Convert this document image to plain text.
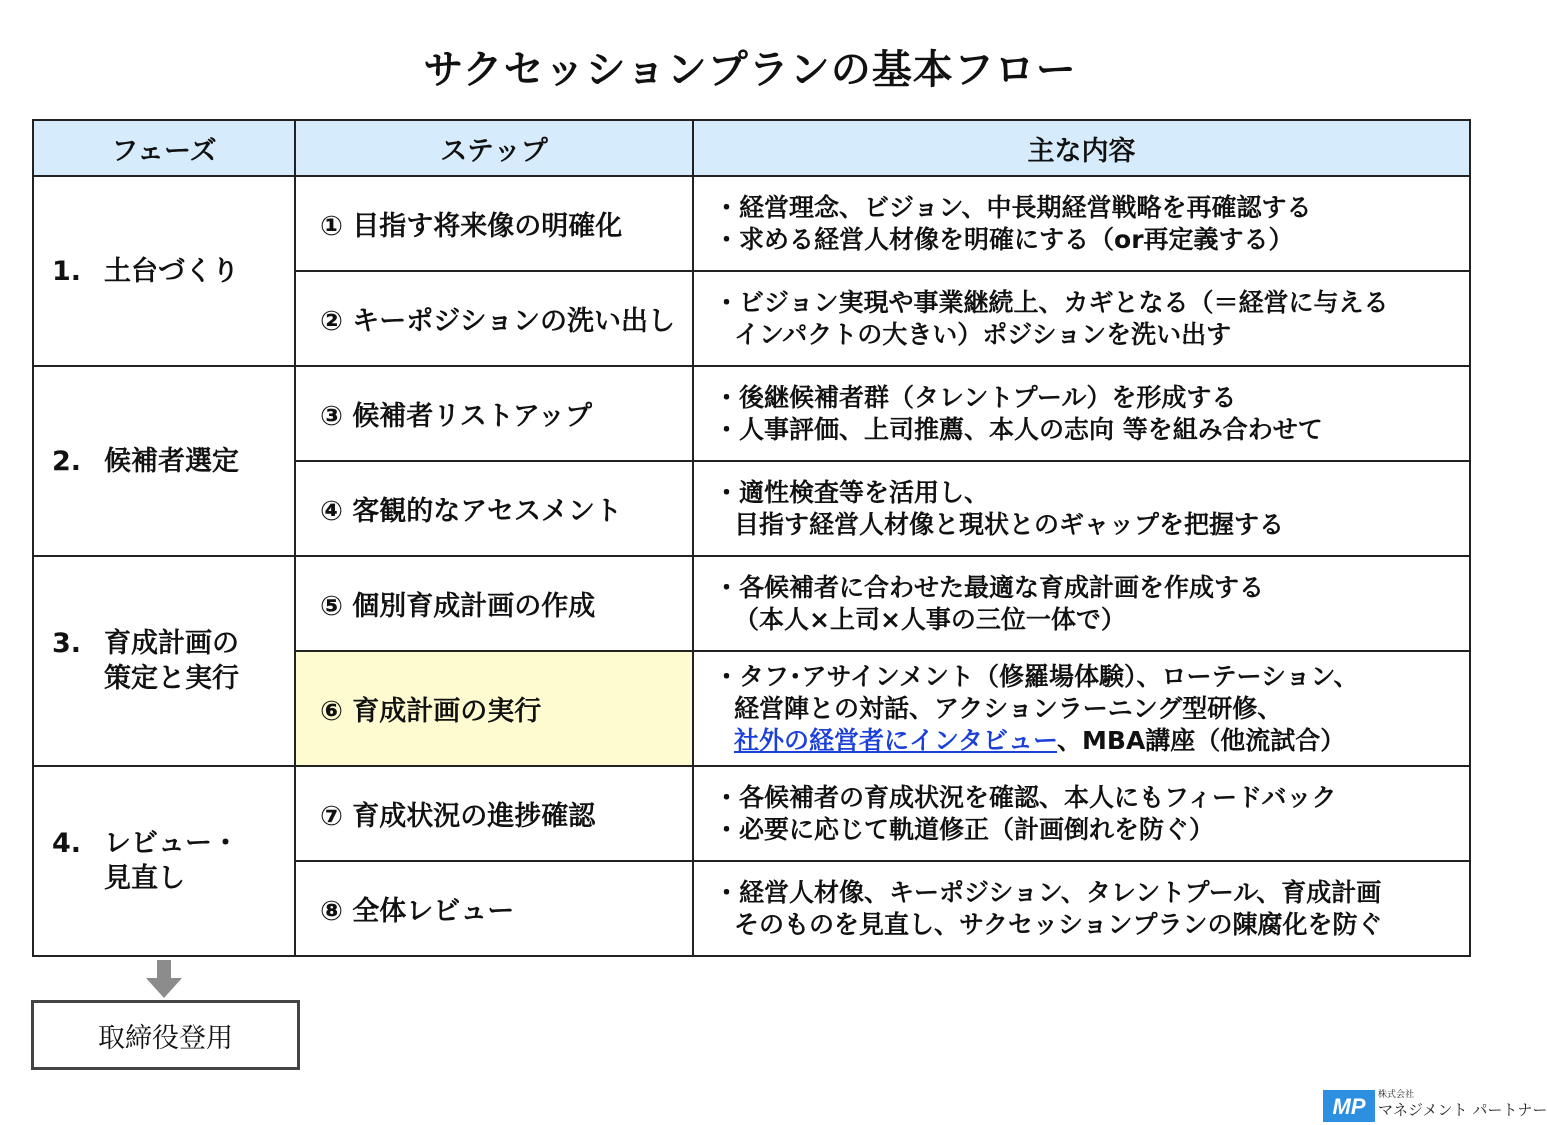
サクセッションプランの基本フロー
フェーズ	ステップ	主な内容
1. 土台づくり	① 目指す将来像の明確化	・経営理念、ビジョン、中長期経営戦略を再確認する
・求める経営人材像を明確にする（or再定義する）

	② キーポジションの洗い出し	・ビジョン実現や事業継続上、カギとなる（＝経営に与える
インパクトの大きい）ポジションを洗い出す

2. 候補者選定	③ 候補者リストアップ	・後継候補者群（タレントプール）を形成する
・人事評価、上司推薦、本人の志向 等を組み合わせて

	④ 客観的なアセスメント	・適性検査等を活用し、
目指す経営人材像と現状とのギャップを把握する

3. 育成計画の
策定と実行	⑤ 個別育成計画の作成	・各候補者に合わせた最適な育成計画を作成する
（本人×上司×人事の三位一体で）

	⑥ 育成計画の実行	・タフ･アサインメント（修羅場体験）、ローテーション、
経営陣との対話、アクションラーニング型研修、
社外の経営者にインタビュー、MBA講座（他流試合）

4. レビュー・
見直し	⑦ 育成状況の進捗確認	・各候補者の育成状況を確認、本人にもフィードバック
・必要に応じて軌道修正（計画倒れを防ぐ）

	⑧ 全体レビュー	・経営人材像、キーポジション、タレントプール、育成計画
そのものを見直し、サクセッションプランの陳腐化を防ぐ
取締役登用
MP 株式会社
マネジメント パートナー
